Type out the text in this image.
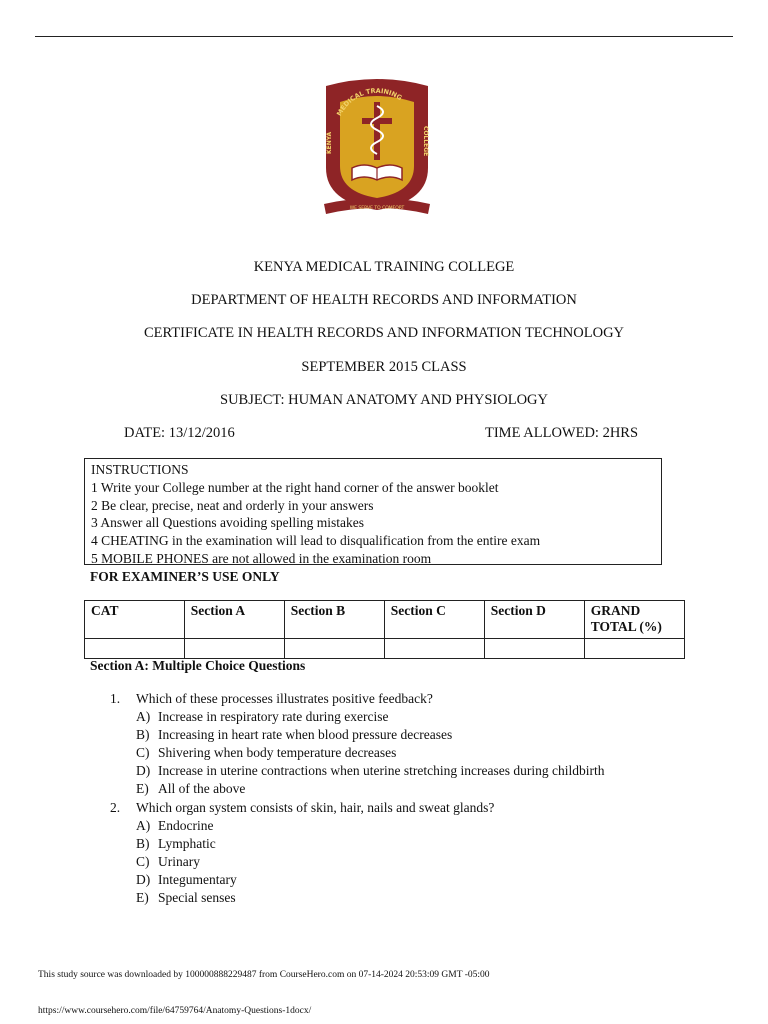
MEDICAL TRAINING
KENYA	COLLEGE
WE SERVE TO COMFORT
KENYA MEDICAL TRAINING COLLEGE
DEPARTMENT OF HEALTH RECORDS AND INFORMATION
CERTIFICATE IN HEALTH RECORDS AND INFORMATION TECHNOLOGY
SEPTEMBER 2015 CLASS
SUBJECT: HUMAN ANATOMY AND PHYSIOLOGY
DATE: 13/12/2016	TIME ALLOWED: 2HRS
INSTRUCTIONS
1 Write your College number at the right hand corner of the answer booklet
2 Be clear, precise, neat and orderly in your answers
3 Answer all Questions avoiding spelling mistakes
4 CHEATING in the examination will lead to disqualification from the entire exam
5 MOBILE PHONES are not allowed in the examination room
FOR EXAMINER’S USE ONLY
CAT	Section A	Section B	Section C	Section D	GRAND TOTAL (%)

Section A: Multiple Choice Questions
1.	Which of these processes illustrates positive feedback?
A) Increase in respiratory rate during exercise
B) Increasing in heart rate when blood pressure decreases
C) Shivering when body temperature decreases
D) Increase in uterine contractions when uterine stretching increases during childbirth
E) All of the above
2.	Which organ system consists of skin, hair, nails and sweat glands?
A) Endocrine
B) Lymphatic
C) Urinary
D) Integumentary
E) Special senses
This study source was downloaded by 100000888229487 from CourseHero.com on 07-14-2024 20:53:09 GMT -05:00
https://www.coursehero.com/file/64759764/Anatomy-Questions-1docx/
